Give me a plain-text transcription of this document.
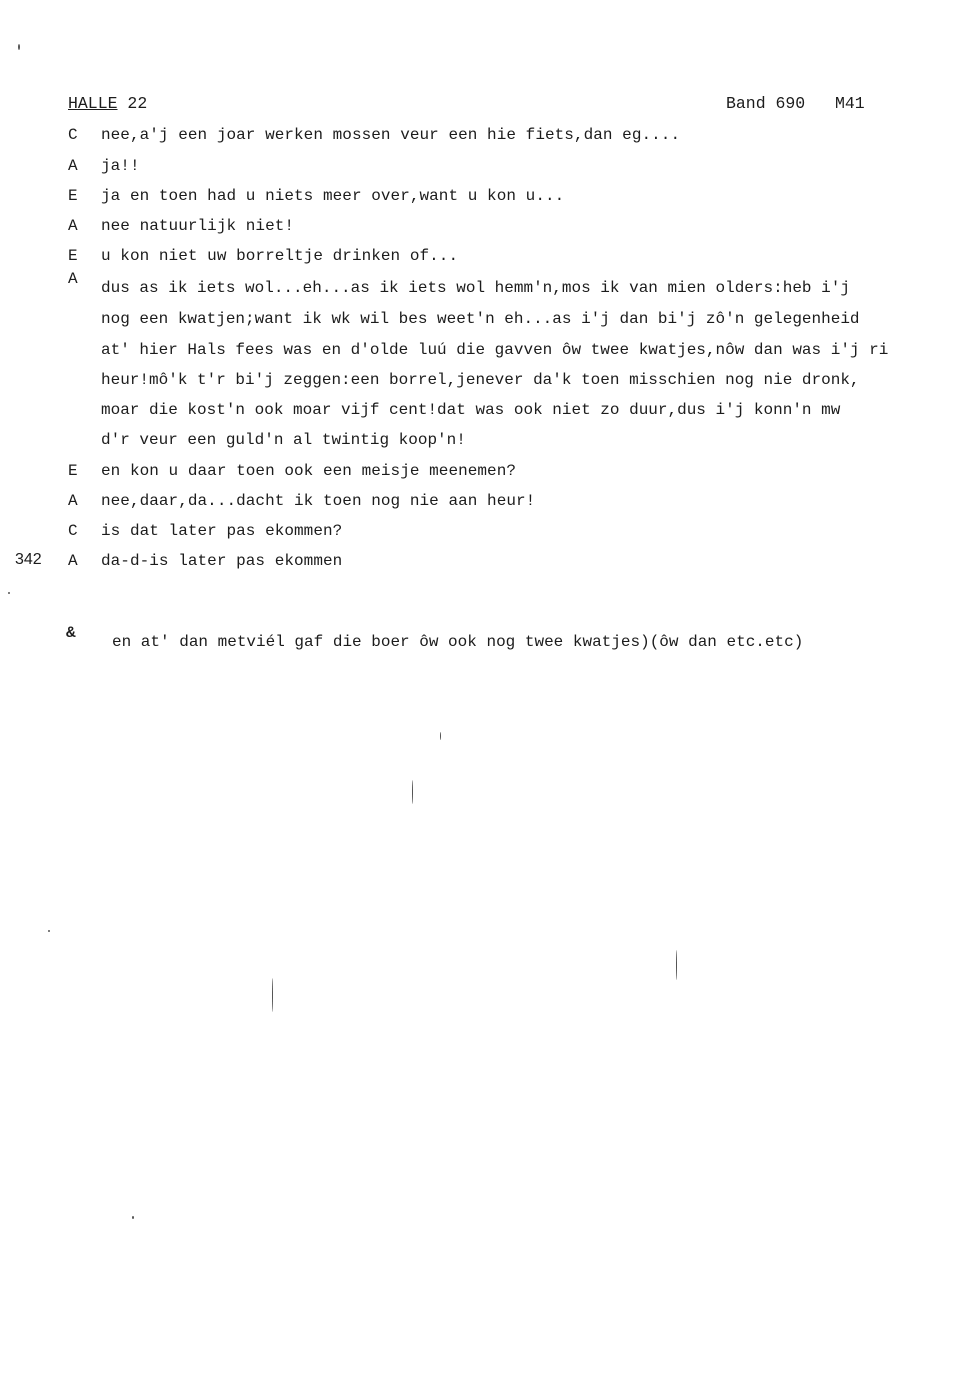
HALLE 22	Band 690 M41
C nee,a'j een joar werken mossen veur een hie fiets,dan eg....
A ja!!
E ja en toen had u niets meer over,want u kon u...
A nee natuurlijk niet!
E u kon niet uw borreltje drinken of...
A dus as ik iets wol...eh...as ik iets wol hemm'n,mos ik van mien olders:heb i'j
nog een kwatjen;want ik wk wil bes weet'n eh...as i'j dan bi'j zô'n gelegenheid
at' hier Hals fees was en d'olde luú die gavven ôw twee kwatjes,nôw dan was i'j ri
heur!mô'k t'r bi'j zeggen:een borrel,jenever da'k toen misschien nog nie dronk,
moar die kost'n ook moar vijf cent!dat was ook niet zo duur,dus i'j konn'n mw
d'r veur een guld'n al twintig koop'n!
E en kon u daar toen ook een meisje meenemen?
A nee,daar,da...dacht ik toen nog nie aan heur!
C is dat later pas ekommen?
A da-d-is later pas ekommen
342
& en at' dan metviél gaf die boer ôw ook nog twee kwatjes)(ôw dan etc.etc)
